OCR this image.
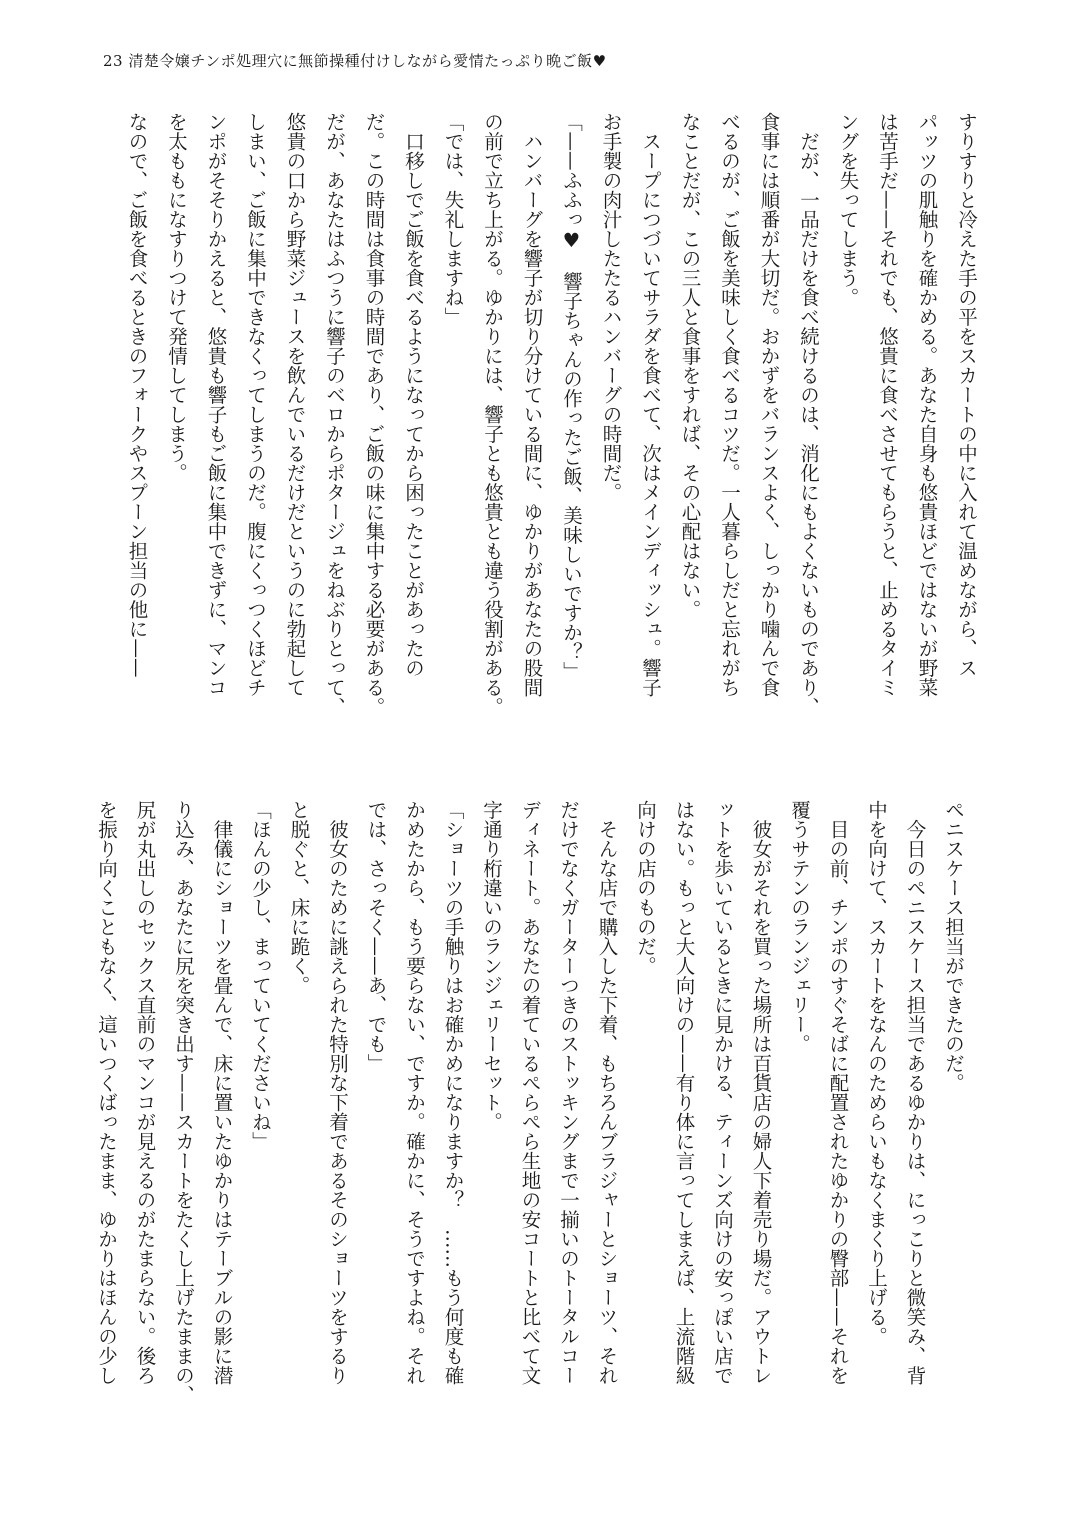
23 清楚令嬢チンポ処理穴に無節操種付けしながら愛情たっぷり晩ご飯♥
すりすりと冷えた手の平をスカートの中に入れて温めながら、ス
パッツの肌触りを確かめる。あなた自身も悠貴ほどではないが野菜
は苦手だ——それでも、悠貴に食べさせてもらうと、止めるタイミ
ングを失ってしまう。
　だが、一品だけを食べ続けるのは、消化にもよくないものであり、
食事には順番が大切だ。おかずをバランスよく、しっかり噛んで食
べるのが、ご飯を美味しく食べるコツだ。一人暮らしだと忘れがち
なことだが、この三人と食事をすれば、その心配はない。
　スープにつづいてサラダを食べて、次はメインディッシュ。響子
お手製の肉汁したたるハンバーグの時間だ。
「——ふふっ♥　響子ちゃんの作ったご飯、美味しいですか？」
　ハンバーグを響子が切り分けている間に、ゆかりがあなたの股間
の前で立ち上がる。ゆかりには、響子とも悠貴とも違う役割がある。
「では、失礼しますね」
　口移しでご飯を食べるようになってから困ったことがあったの
だ。この時間は食事の時間であり、ご飯の味に集中する必要がある。
だが、あなたはふつうに響子のベロからポタージュをねぶりとって、
悠貴の口から野菜ジュースを飲んでいるだけだというのに勃起して
しまい、ご飯に集中できなくってしまうのだ。腹にくっつくほどチ
ンポがそそりかえると、悠貴も響子もご飯に集中できずに、マンコ
を太ももになすりつけて発情してしまう。
なので、ご飯を食べるときのフォークやスプーン担当の他に——
ペニスケース担当ができたのだ。
　今日のペニスケース担当であるゆかりは、にっこりと微笑み、背
中を向けて、スカートをなんのためらいもなくまくり上げる。
　目の前、チンポのすぐそばに配置されたゆかりの臀部——それを
覆うサテンのランジェリー。
　彼女がそれを買った場所は百貨店の婦人下着売り場だ。アウトレ
ットを歩いているときに見かける、ティーンズ向けの安っぽい店で
はない。もっと大人向けの——有り体に言ってしまえば、上流階級
向けの店のものだ。
　そんな店で購入した下着、もちろんブラジャーとショーツ、それ
だけでなくガーターつきのストッキングまで一揃いのトータルコー
ディネート。あなたの着ているぺらぺら生地の安コートと比べて文
字通り桁違いのランジェリーセット。
「ショーツの手触りはお確かめになりますか？　……もう何度も確
かめたから、もう要らない、ですか。確かに、そうですよね。それ
では、さっそく——あ、でも」
　彼女のために誂えられた特別な下着であるそのショーツをするり
と脱ぐと、床に跪く。
「ほんの少し、まっていてくださいね」
　律儀にショーツを畳んで、床に置いたゆかりはテーブルの影に潜
り込み、あなたに尻を突き出す——スカートをたくし上げたままの、
尻が丸出しのセックス直前のマンコが見えるのがたまらない。後ろ
を振り向くこともなく、這いつくばったまま、ゆかりはほんの少し
